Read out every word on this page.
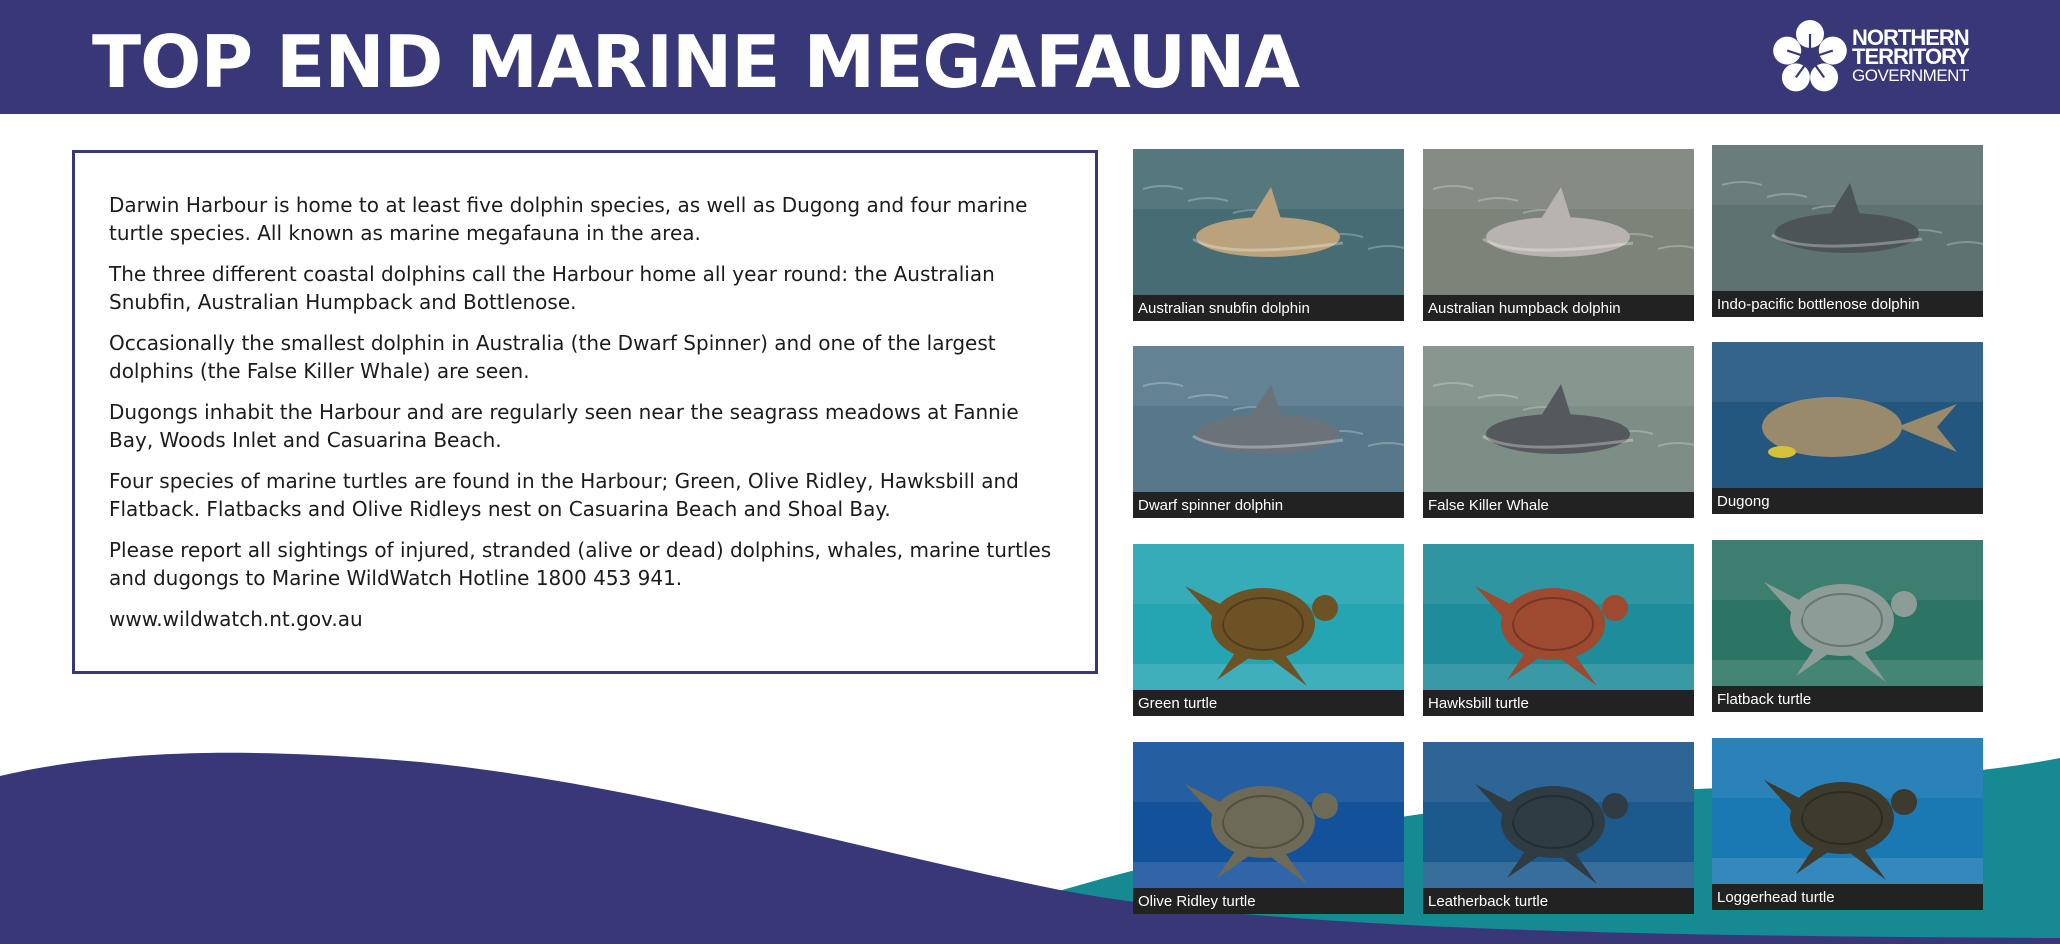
TOP END MARINE MEGAFAUNA	NORTHERN
TERRITORY
GOVERNMENT

Darwin Harbour is home to at least five dolphin species, as well as Dugong and four marine turtle species. All known as marine megafauna in the area.

The three different coastal dolphins call the Harbour home all year round: the Australian Snubfin, Australian Humpback and Bottlenose.

Occasionally the smallest dolphin in Australia (the Dwarf Spinner) and one of the largest dolphins (the False Killer Whale) are seen.

Dugongs inhabit the Harbour and are regularly seen near the seagrass meadows at Fannie Bay, Woods Inlet and Casuarina Beach.

Four species of marine turtles are found in the Harbour; Green, Olive Ridley, Hawksbill and Flatback. Flatbacks and Olive Ridleys nest on Casuarina Beach and Shoal Bay.

Please report all sightings of injured, stranded (alive or dead) dolphins, whales, marine turtles and dugongs to Marine WildWatch Hotline 1800 453 941.

www.wildwatch.nt.gov.au

Australian snubfin dolphin	Australian humpback dolphin	Indo-pacific bottlenose dolphin
Dwarf spinner dolphin	False Killer Whale	Dugong
Green turtle	Hawksbill turtle	Flatback turtle
Olive Ridley turtle	Leatherback turtle	Loggerhead turtle
